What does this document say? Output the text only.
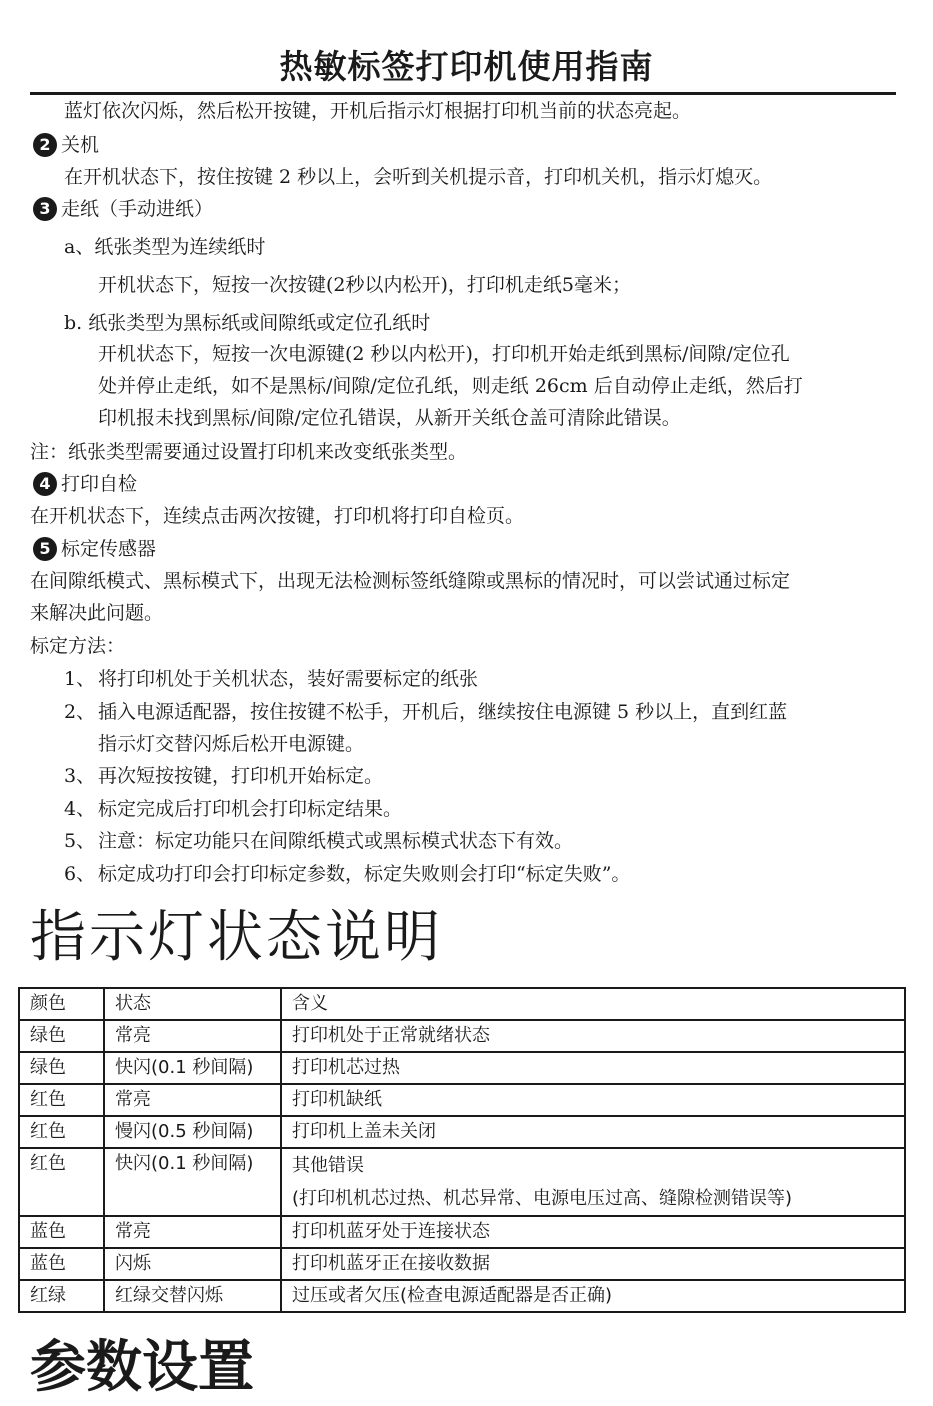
热敏标签打印机使用指南
蓝灯依次闪烁，然后松开按键，开机后指示灯根据打印机当前的状态亮起。
2 关机
在开机状态下，按住按键 2 秒以上，会听到关机提示音，打印机关机，指示灯熄灭。
3 走纸（手动进纸）
a、纸张类型为连续纸时
开机状态下，短按一次按键(2秒以内松开)，打印机走纸5毫米；
b. 纸张类型为黑标纸或间隙纸或定位孔纸时
开机状态下，短按一次电源键(2 秒以内松开)，打印机开始走纸到黑标/间隙/定位孔
处并停止走纸，如不是黑标/间隙/定位孔纸，则走纸 26cm 后自动停止走纸，然后打
印机报未找到黑标/间隙/定位孔错误，从新开关纸仓盖可清除此错误。
注：纸张类型需要通过设置打印机来改变纸张类型。
4 打印自检
在开机状态下，连续点击两次按键，打印机将打印自检页。
5 标定传感器
在间隙纸模式、黑标模式下，出现无法检测标签纸缝隙或黑标的情况时，可以尝试通过标定
来解决此问题。
标定方法：
1、 将打印机处于关机状态，装好需要标定的纸张
2、 插入电源适配器，按住按键不松手，开机后，继续按住电源键 5 秒以上，直到红蓝
指示灯交替闪烁后松开电源键。
3、 再次短按按键，打印机开始标定。
4、 标定完成后打印机会打印标定结果。
5、 注意：标定功能只在间隙纸模式或黑标模式状态下有效。
6、 标定成功打印会打印标定参数，标定失败则会打印“标定失败”。
指示灯状态说明
颜色	状态	含义
绿色	常亮	打印机处于正常就绪状态
绿色	快闪(0.1 秒间隔)	打印机芯过热
红色	常亮	打印机缺纸
红色	慢闪(0.5 秒间隔)	打印机上盖未关闭
红色	快闪(0.1 秒间隔)	其他错误
(打印机机芯过热、机芯异常、电源电压过高、缝隙检测错误等)

蓝色	常亮	打印机蓝牙处于连接状态
蓝色	闪烁	打印机蓝牙正在接收数据
红绿	红绿交替闪烁	过压或者欠压(检查电源适配器是否正确)
参数设置
